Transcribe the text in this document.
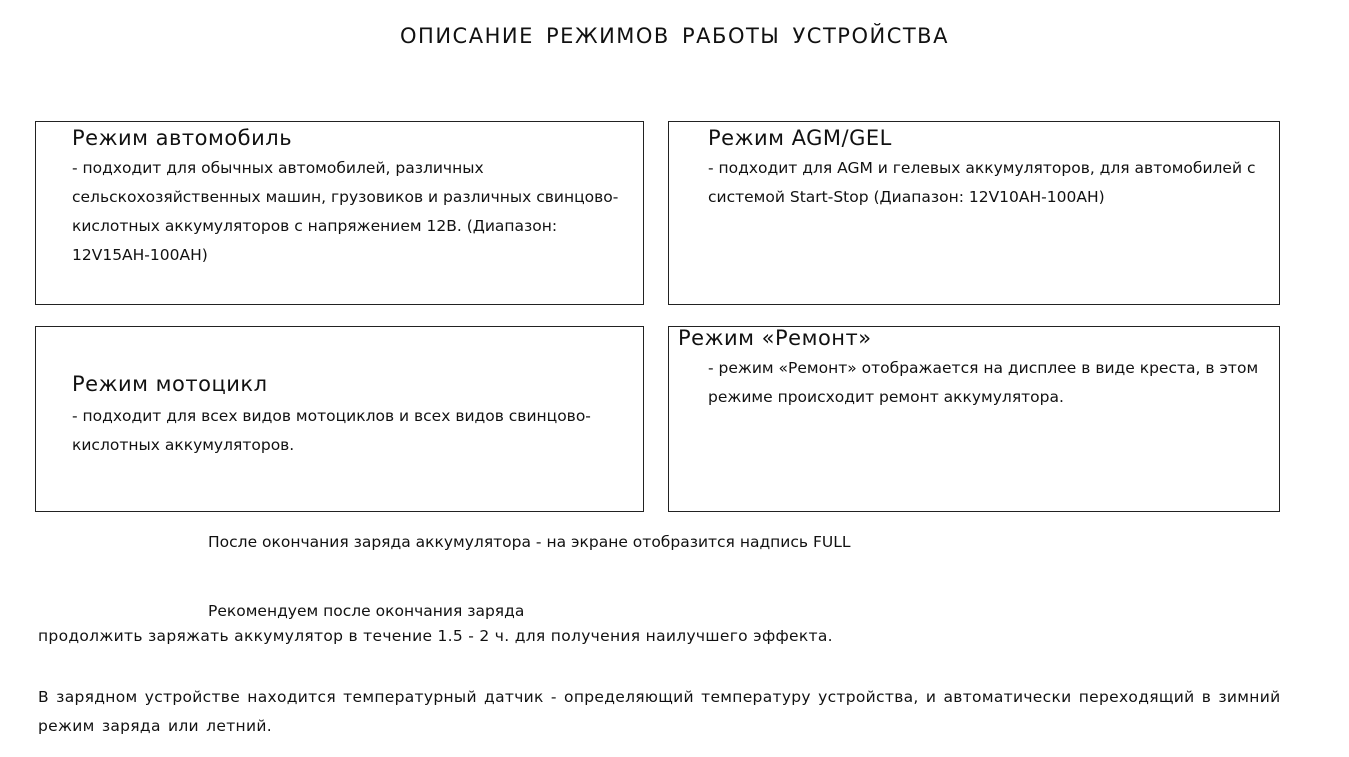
ОПИСАНИЕ РЕЖИМОВ РАБОТЫ УСТРОЙСТВА
Режим автомобиль
- подходит для обычных автомобилей, различных сельскохозяйственных машин, грузовиков и различных свинцово-кислотных аккумуляторов с напряжением 12В. (Диапазон: 12V15AH-100AH)
Режим AGM/GEL
- подходит для AGM и гелевых аккумуляторов, для автомобилей с системой Start-Stop (Диапазон: 12V10AH-100AH)
Режим мотоцикл
- подходит для всех видов мотоциклов и всех видов свинцово-кислотных аккумуляторов.
Режим «Ремонт»
- режим «Ремонт» отображается на дисплее в виде креста, в этом режиме происходит ремонт аккумулятора.
После окончания заряда аккумулятора - на экране отобразится надпись FULL
Рекомендуем после окончания заряда
продолжить заряжать аккумулятор в течение 1.5 - 2 ч. для получения наилучшего эффекта.
В зарядном устройстве находится температурный датчик - определяющий температуру устройства, и автоматически переходящий в зимний режим заряда или летний.
